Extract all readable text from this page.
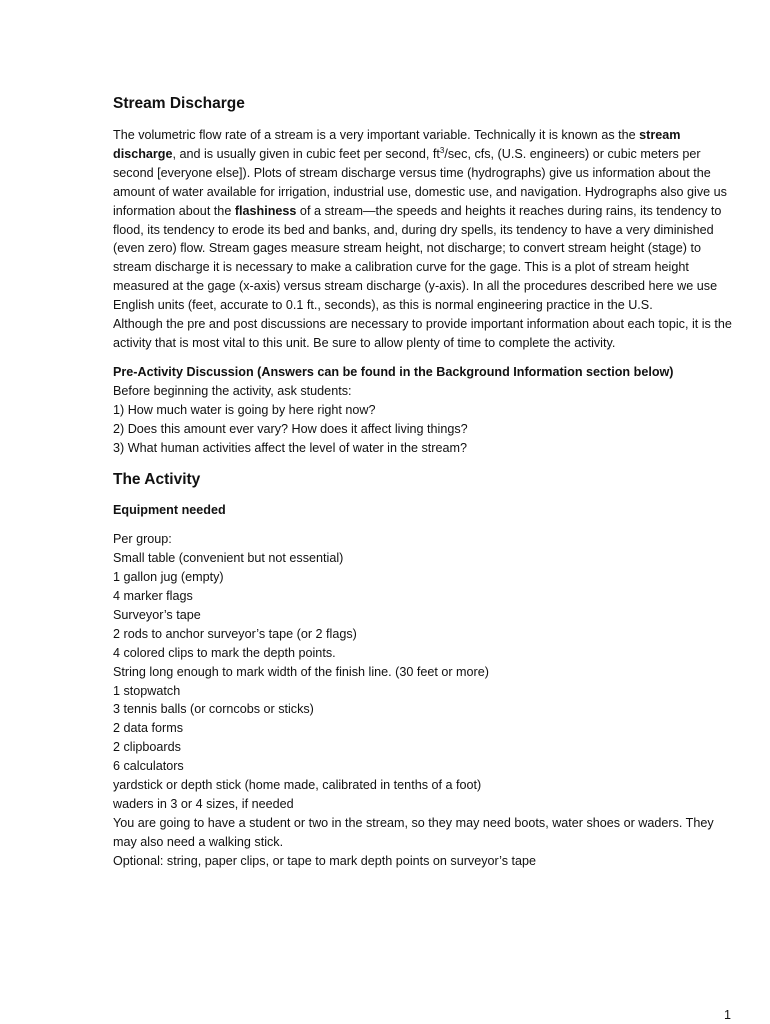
Stream Discharge

The volumetric flow rate of a stream is a very important variable. Technically it is known as the stream discharge, and is usually given in cubic feet per second, $ft^3/\sec$, cfs, (U.S. engineers) or cubic meters per second [everyone else]). Plots of stream discharge versus time (hydrographs) give us information about the amount of water available for irrigation, industrial use, domestic use, and navigation. Hydrographs also give us information about the flashiness of a stream—the speeds and heights it reaches during rains, its tendency to flood, its tendency to erode its bed and banks, and, during dry spells, its tendency to have a very diminished (even zero) flow. Stream gages measure stream height, not discharge; to convert stream height (stage) to stream discharge it is necessary to make a calibration curve for the gage. This is a plot of stream height measured at the gage (x-axis) versus stream discharge (y-axis). In all the procedures described here we use English units (feet, accurate to 0.1 ft., seconds), as this is normal engineering practice in the U.S.

Although the pre and post discussions are necessary to provide important information about each topic, it is the activity that is most vital to this unit. Be sure to allow plenty of time to complete the activity.

Pre-Activity Discussion (Answers can be found in the Background Information section below)

Before beginning the activity, ask students:

1) How much water is going by here right now?
2) Does this amount ever vary? How does it affect living things?
3) What human activities affect the level of water in the stream?
The Activity
Equipment needed
Per group:
Small table (convenient but not essential)
1 gallon jug (empty)
4 marker flags
Surveyor’s tape
2 rods to anchor surveyor’s tape (or 2 flags)
4 colored clips to mark the depth points.
String long enough to mark width of the finish line. (30 feet or more)
1 stopwatch
3 tennis balls (or corncobs or sticks)
2 data forms
2 clipboards
6 calculators
yardstick or depth stick (home made, calibrated in tenths of a foot)
waders in 3 or 4 sizes, if needed
You are going to have a student or two in the stream, so they may need boots, water shoes or waders. They may also need a walking stick.
Optional: string, paper clips, or tape to mark depth points on surveyor’s tape
1
